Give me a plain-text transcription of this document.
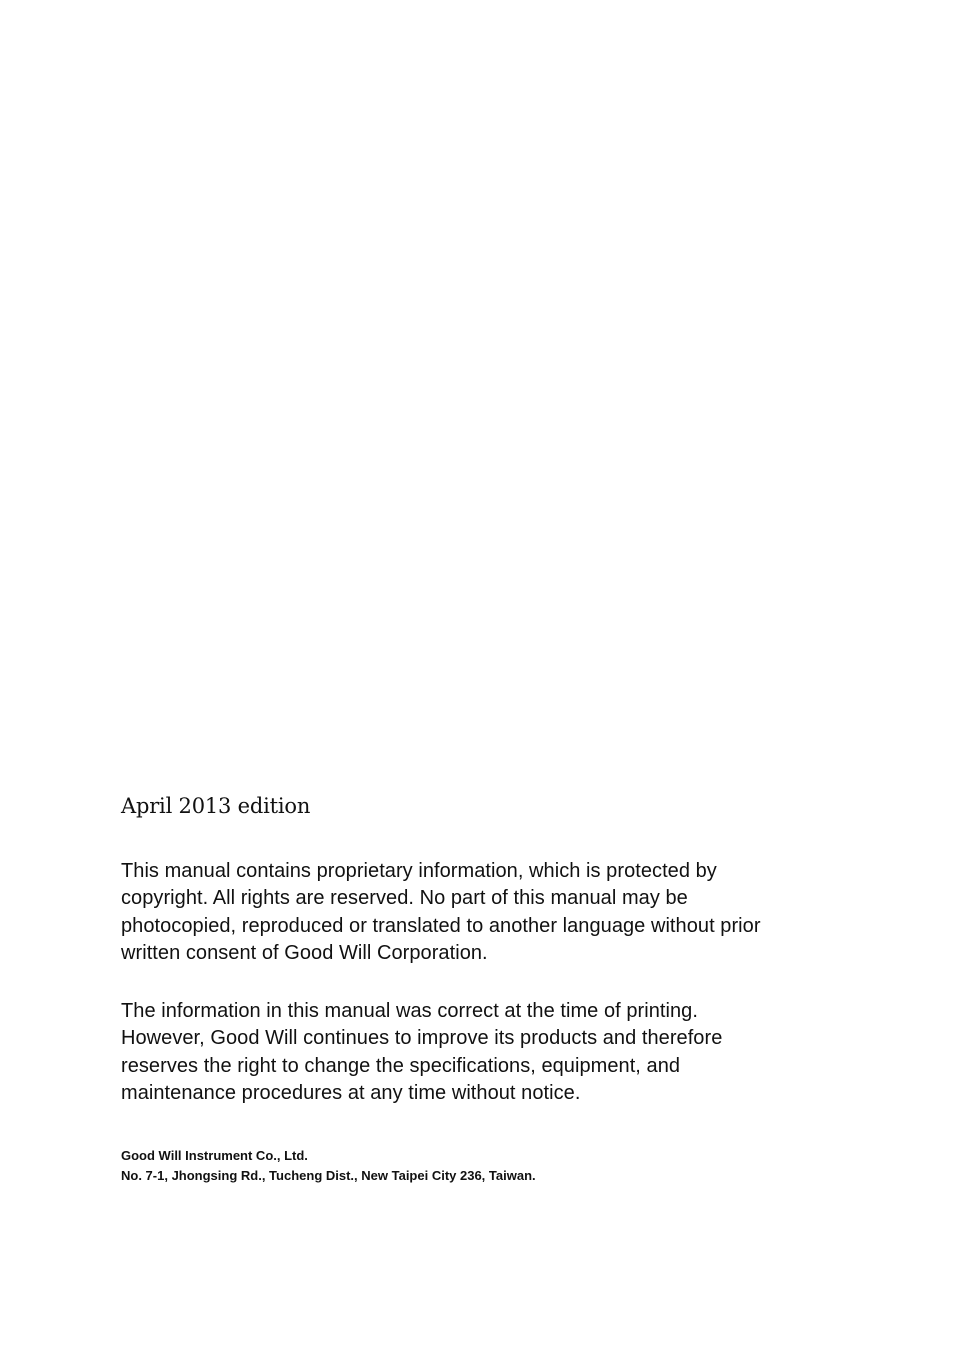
April 2013 edition

This manual contains proprietary information, which is protected by copyright. All rights are reserved. No part of this manual may be photocopied, reproduced or translated to another language without prior written consent of Good Will Corporation.

The information in this manual was correct at the time of printing. However, Good Will continues to improve its products and therefore reserves the right to change the specifications, equipment, and maintenance procedures at any time without notice.

Good Will Instrument Co., Ltd.
No. 7-1, Jhongsing Rd., Tucheng Dist., New Taipei City 236, Taiwan.
